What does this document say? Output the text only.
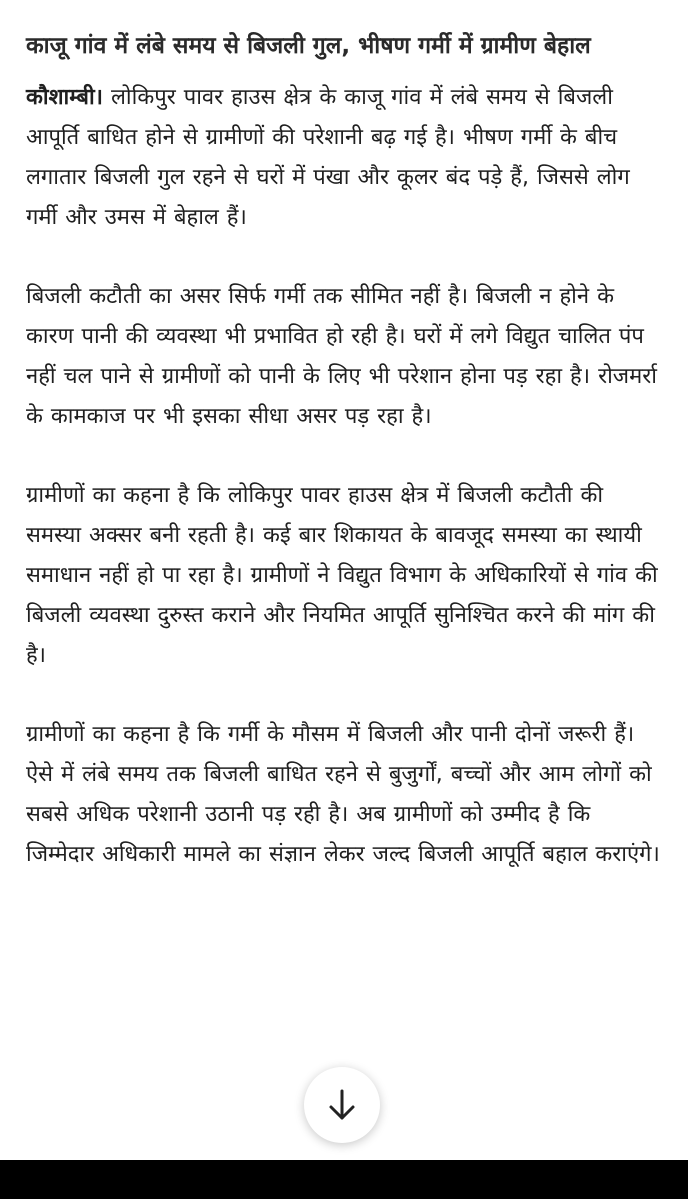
काजू गांव में लंबे समय से बिजली गुल, भीषण गर्मी में ग्रामीण बेहाल

कौशाम्बी। लोकिपुर पावर हाउस क्षेत्र के काजू गांव में लंबे समय से बिजली आपूर्ति बाधित होने से ग्रामीणों की परेशानी बढ़ गई है। भीषण गर्मी के बीच लगातार बिजली गुल रहने से घरों में पंखा और कूलर बंद पड़े हैं, जिससे लोग गर्मी और उमस में बेहाल हैं।

बिजली कटौती का असर सिर्फ गर्मी तक सीमित नहीं है। बिजली न होने के कारण पानी की व्यवस्था भी प्रभावित हो रही है। घरों में लगे विद्युत चालित पंप नहीं चल पाने से ग्रामीणों को पानी के लिए भी परेशान होना पड़ रहा है। रोजमर्रा के कामकाज पर भी इसका सीधा असर पड़ रहा है।

ग्रामीणों का कहना है कि लोकिपुर पावर हाउस क्षेत्र में बिजली कटौती की समस्या अक्सर बनी रहती है। कई बार शिकायत के बावजूद समस्या का स्थायी समाधान नहीं हो पा रहा है। ग्रामीणों ने विद्युत विभाग के अधिकारियों से गांव की बिजली व्यवस्था दुरुस्त कराने और नियमित आपूर्ति सुनिश्चित करने की मांग की है।

ग्रामीणों का कहना है कि गर्मी के मौसम में बिजली और पानी दोनों जरूरी हैं। ऐसे में लंबे समय तक बिजली बाधित रहने से बुजुर्गों, बच्चों और आम लोगों को सबसे अधिक परेशानी उठानी पड़ रही है। अब ग्रामीणों को उम्मीद है कि जिम्मेदार अधिकारी मामले का संज्ञान लेकर जल्द बिजली आपूर्ति बहाल कराएंगे।
